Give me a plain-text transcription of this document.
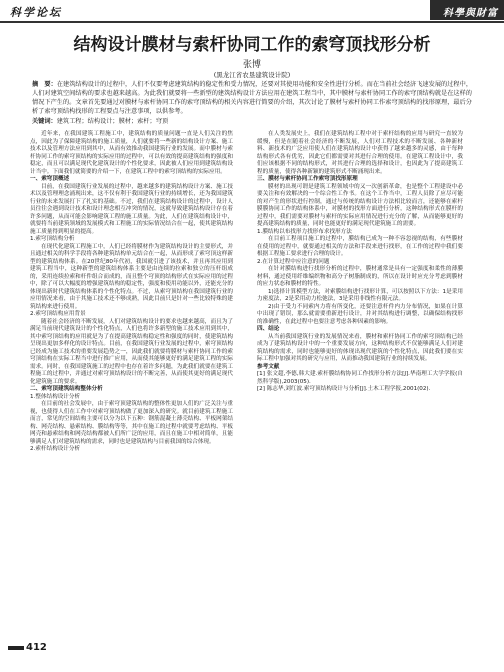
科学论坛	科學與財富
结构设计膜材与索杆协同工作的索穹顶找形分析
张博
(黑龙江省农垦建筑设计院)
摘　要：在建筑结构设计的过程中，人们不仅要考虑建筑结构的稳定性和受力情况，还要对其使用功能和安全性进行分析。而在当前社会经济飞速发展的过程中，人们对建筑空间结构的要求也越来越高。为此我们就要将一些新型的建筑结构设计方法应用在建筑工程当中，其中膜材与索杆协同工作的索穹顶结构就是在这样的情况下产生的。文章首先要通过对膜材与索杆协同工作的索穹顶结构的相关内容进行简要的介绍，其次讨论了膜材与索杆协同工作索穹顶结构的找形原理，最后分析了索穹顶结构找形的工程要点与注意事项，以供参考。
关键词：建筑工程；结构设计；膜材；索杆；穹顶

近年来，在我国建筑工程施工中，建筑结构的质量问题一直是人们关注的焦点，因此为了保障建筑结构的施工质量，人们就要将一些新的结构设计方案、施工技术以及管理方法应用到其中，从而有效推动我国建筑行业的发展。而中膜材与索杆协同工作的索穹顶结构的实际应用的过程中，可以有效的提高建筑结构的强度和稳定，而且可以满足现代化建筑设计的个性化要求，因此被人们应用到建筑结构设计当中。下面我们就简要的介绍一下，在建筑工程中的索穹顶结构的实际应用。

一、索穹顶概述

目前，在我国建筑行业发展的过程中，越来越多的建筑结构设计方案、施工技术以及管理理念涌现出来，这不仅有利于我国建筑行业的持续增长，还为我国建筑行业的未来发展打下了扎实的基础。不过，我们在建筑结构设计的过程中，设计人员往往会遇到设计技术和设计理念相互冲突的情况，这就导致建筑结构设计存在着许多问题，从而可能会影响建筑工程的施工质量。为此，人们在建筑结构设计中，就要将当前建筑领域的发展模式和工程施工的实际情况结合在一起，使其建筑结构施工质量得到明显的提高。

1.索穹顶结构分析

在现代化建筑工程施工中，人们已经将膜材作为建筑结构设计的主要形式，并且通过相关的科学手段将各种建筑结构单元结合在一起，从而形成了索穹顶这样新型的建筑结构体系。在20世纪80年代初，我国就引进了该技术，并且再其应用到建筑工程当中，这种新型的建筑结构体系主要是由连续的拉索和独立的压杆组成的，采用连续拉索和杆件组合而成的，而且整个穹顶的结构形式在实际应用的过程中，除了可以大幅度的增强建筑结构的稳定性，强度和使用功能以外，还能充分的体现出新时代建筑结构体系的个性化特点。不过，从索穹顶结构在我国建筑行业的应用情况来看，由于其施工技术还不够成熟，因此目前只是针对一些比较特殊的建筑结构来进行使用。

2.索穹顶结构应用背景

随着社会经济的不断发展，人们对建筑结构设计的要求也越来越高，而且为了满足当前现代建筑设计的个性化特点，人们也将许多新型的施工技术应用到其中，其中索穹顶结构的应用就是为了在提高建筑结构稳定性和强度的同时，使建筑结构呈现出更加多样化的设计特点。目前，在我国建筑行业发展的过程中，索穹顶结构已经成为施工技术的重要发展趋势之一，因此我们就要将膜材与索杆协同工作的索穹顶结构在实际工程当中进行推广应用，从而使其能够更好的满足建筑工程的实际需求。同时，在我国建筑施工的过程中也存在着许多问题，为此我们就要在建筑工程施工的过程中，并通过对索穹顶结构设计的不断完善，从而使其更好的满足现代化建筑施工的要求。

二、索穹顶建筑结构整体分析

1.整体结构设计分析

在目前的社会发展中，由于索穹顶建筑结构的整体性更加人们的广泛关注与重视，也使得人们在工作中对索穹顶结构做了更加深入的研究。就目前建筑工程施工而言，常见的空间结构主要可以分为以下五种：钢筋混凝土薄壳结构、平板网架结构、网壳结构、悬索结构、膜结构等等，其中在施工的过程中就要考虑结构、平板网壳和悬索结构和网壳结构都被人们所广泛的应用，而且在施工中相对简单，且能够满足人们对建筑结构的需求，同时也是建筑结构与目前我国的综合体现。

2.索杆结构设计分析

在人类发展史上，我们在建筑结构工程中对于索杆结构的应用与研究一直较为缓慢，但是在随着社会经济的不断发展，人们对工程技术的不断发展、各种新材料、新技术的广泛应用使人们在建筑结构设计中获得了越来越多的灵感，由于每种结构形式各有优劣，因此它们都需要对其进行合理的使用。在建筑工程设计中，我们应该根据不同的结构形式，对其进行合理的选择和设计，也因此为了提高建筑工程的质量，使得各种新颖的建筑形式不断涌现出来。

三、膜材与索杆协同工作索穹顶找形原理

膜材的出现可谓是建筑工程领域中的又一次创新革命，也是整个工程建设中必要关注和有效解决的一个综合性工作书。在这个工作当中，工程人员除了应尽可能的对产生的形状进行控制，通过与传统的结构设计方法相比较而言，还能够在索杆膜膜协同工作的结构体系中，对膜材的找形方面进行分析，这种结构形式在膜杆的过程中，我们需要对膜材与索杆的实际应用情况进行充分的了解，从而能够更好的提高建筑结构的质量，同时也能更好的满足现代建筑施工的需要。

1.膜结构以布找形力找形布求找形方法

在目前工程项目施工的过程中，膜结构已成为一种不容忽视的结构，有些膜材在使用的过程中，就要通过相关的方法和手段来进行找形，在工作的过程中我们要根据工程施工要求进行合理的设计。

2.在计算过程中应注意的问题

在针对膜结构进行找形分析的过程中，膜材通常是具有一定强度和柔性的薄膜材料，通过使用纤维编织物和高分子树脂制成的，所以在设计时应充分考虑到膜材的应力状态和膜材的特性。

1)选择计算模型方法，对索膜结构进行找形计算，可以按照以下方法：1是采用力密度法，2是采用动力松弛法，3是采用非线性有限元法。

2)由于受力不同索内力将有所变化，还要注意杆件内力分布情况，如果在计算中出现了错误，那么就需要重新进行设计，并对其结构进行调整，以确保结构找形的准确性，在此过程中也要注意考虑各种因素的影响。

四、结论

从当前我国建筑行业的发展情况来看，膜材和索杆协同工作的索穹顶结构已经成为了建筑结构设计中的一个重要发展方向，这种结构形式不仅能够满足人们对建筑结构的需求，同时也能够更好的体现出现代建筑的个性化特点，因此我们要在实际工程中加强对其的研究与应用，从而推动我国建筑行业的持续发展。

参考文献

[1] 张文超,李德,韩大建.索杆膜结构协同工作找形分析方法[J].华南理工大学学报(自然科学版),2003(05).

[2] 陈志华,刘红波.索穹顶结构设计与分析[J].土木工程学报,2001(02).

412
